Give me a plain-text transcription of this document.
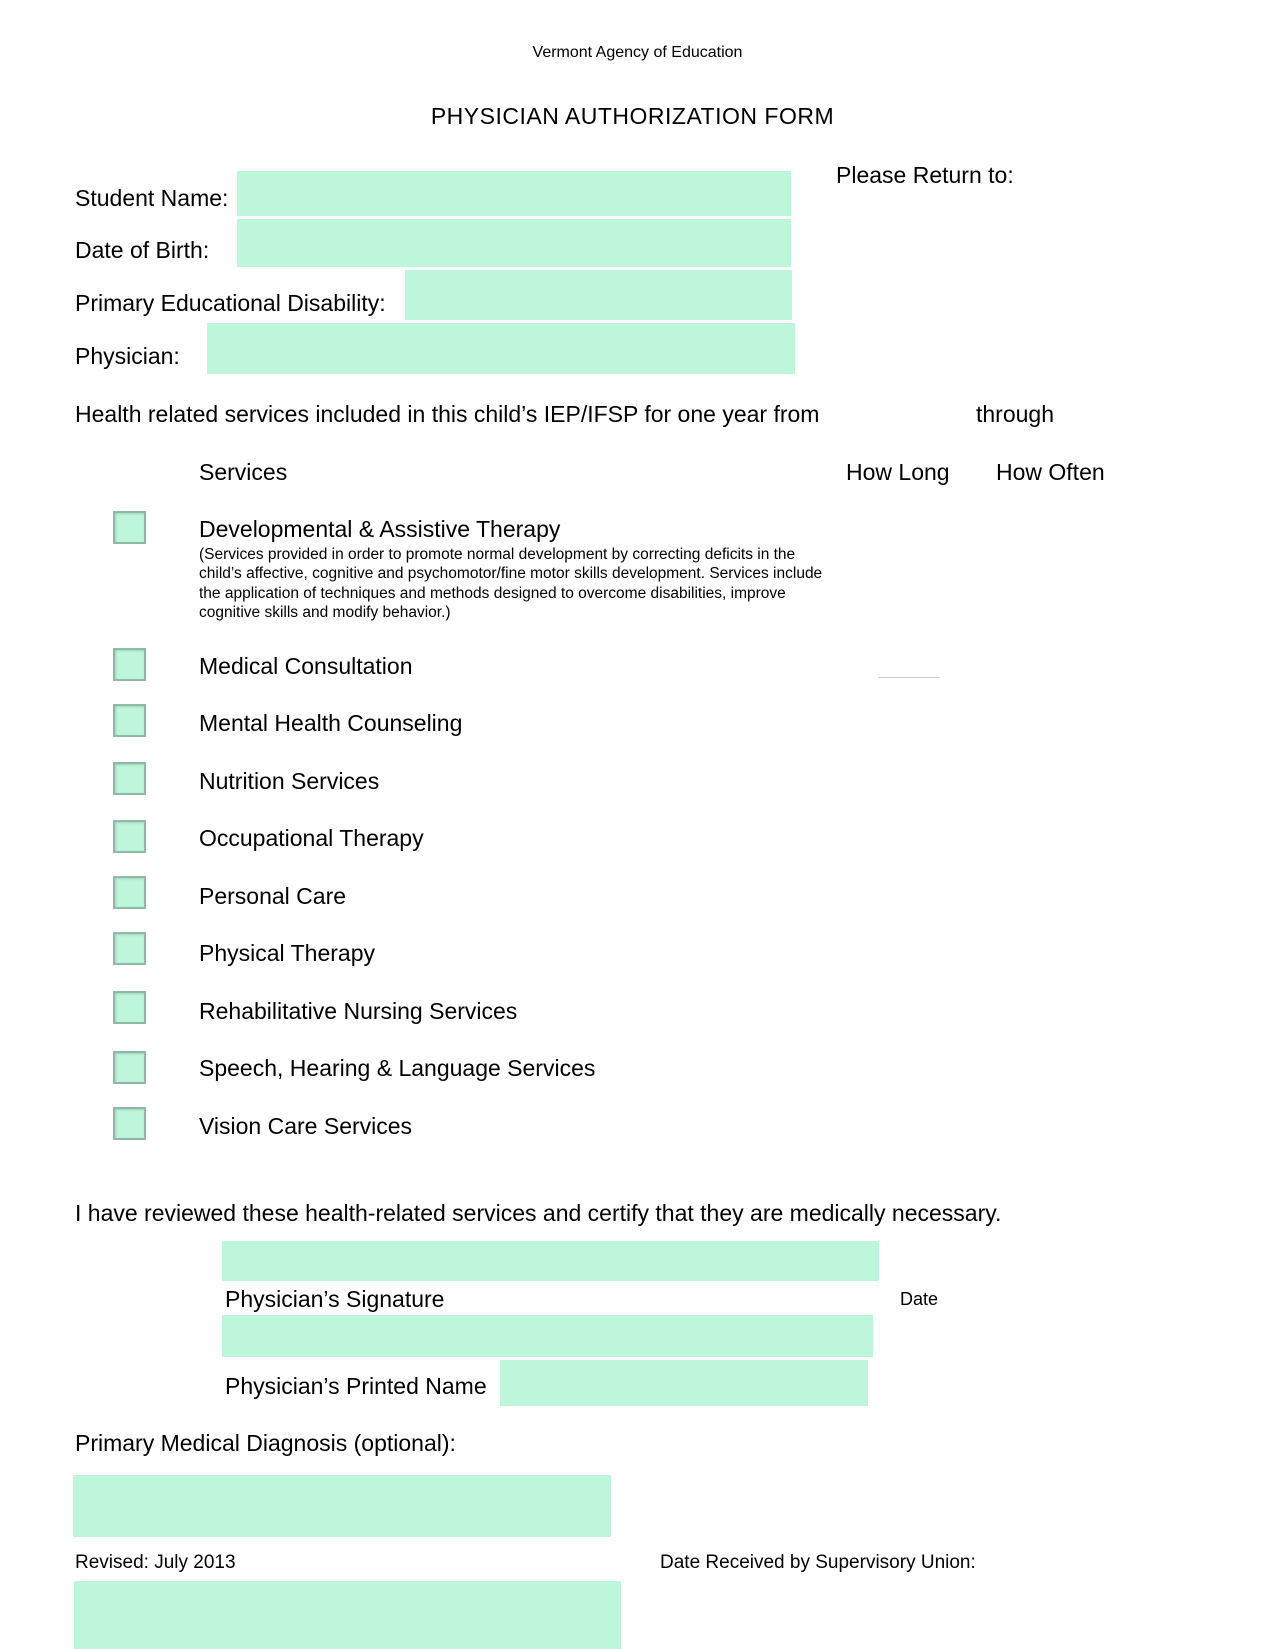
Vermont Agency of Education
PHYSICIAN AUTHORIZATION FORM
Please Return to:
Student Name:
Date of Birth:
Primary Educational Disability:
Physician:
Health related services included in this child’s IEP/IFSP for one year from	through
Services	How Long How Often
Developmental & Assistive Therapy
(Services provided in order to promote normal development by correcting deficits in the child’s affective, cognitive and psychomotor/fine motor skills development. Services include the application of techniques and methods designed to overcome disabilities, improve cognitive skills and modify behavior.)
Medical Consultation
Mental Health Counseling
Nutrition Services
Occupational Therapy
Personal Care
Physical Therapy
Rehabilitative Nursing Services
Speech, Hearing & Language Services
Vision Care Services
I have reviewed these health-related services and certify that they are medically necessary.
Physician’s Signature	Date
Physician’s Printed Name
Primary Medical Diagnosis (optional):
Revised: July 2013	Date Received by Supervisory Union:
